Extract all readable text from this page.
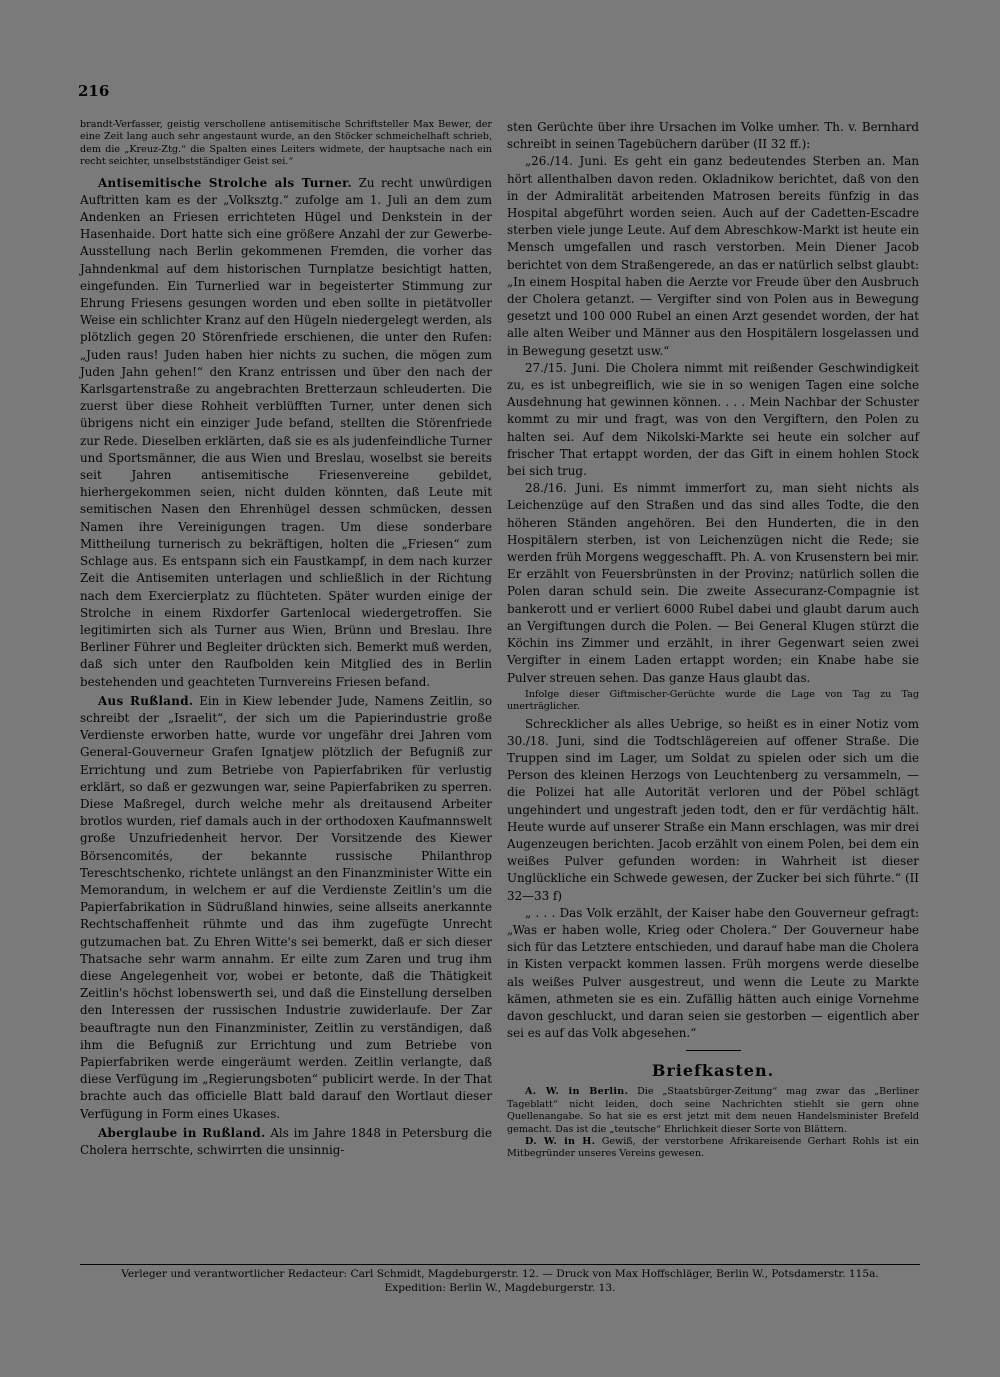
216

brandt-Verfasser, geistig verschollene antisemitische Schriftsteller Max Bewer, der eine Zeit lang auch sehr angestaunt wurde, an den Stöcker schmeichelhaft schrieb, dem die „Kreuz-Ztg.“ die Spalten eines Leiters widmete, der hauptsache nach ein recht seichter, unselbstständiger Geist sei.“

Antisemitische Strolche als Turner. Zu recht unwürdigen Auftritten kam es der „Volksztg.“ zufolge am 1. Juli an dem zum Andenken an Friesen errichteten Hügel und Denkstein in der Hasenhaide. Dort hatte sich eine größere Anzahl der zur Gewerbe-Ausstellung nach Berlin gekommenen Fremden, die vorher das Jahndenkmal auf dem historischen Turnplatze besichtigt hatten, eingefunden. Ein Turnerlied war in begeisterter Stimmung zur Ehrung Friesens gesungen worden und eben sollte in pietätvoller Weise ein schlichter Kranz auf den Hügeln niedergelegt werden, als plötzlich gegen 20 Störenfriede erschienen, die unter den Rufen: „Juden raus! Juden haben hier nichts zu suchen, die mögen zum Juden Jahn gehen!“ den Kranz entrissen und über den nach der Karlsgartenstraße zu angebrachten Bretterzaun schleuderten. Die zuerst über diese Rohheit verblüfften Turner, unter denen sich übrigens nicht ein einziger Jude befand, stellten die Störenfriede zur Rede. Dieselben erklärten, daß sie es als judenfeindliche Turner und Sportsmänner, die aus Wien und Breslau, woselbst sie bereits seit Jahren antisemitische Friesenvereine gebildet, hierhergekommen seien, nicht dulden könnten, daß Leute mit semitischen Nasen den Ehrenhügel dessen schmücken, dessen Namen ihre Vereinigungen tragen. Um diese sonderbare Mittheilung turnerisch zu bekräftigen, holten die „Friesen“ zum Schlage aus. Es entspann sich ein Faustkampf, in dem nach kurzer Zeit die Antisemiten unterlagen und schließlich in der Richtung nach dem Exercierplatz zu flüchteten. Später wurden einige der Strolche in einem Rixdorfer Gartenlocal wiedergetroffen. Sie legitimirten sich als Turner aus Wien, Brünn und Breslau. Ihre Berliner Führer und Begleiter drückten sich. Bemerkt muß werden, daß sich unter den Raufbolden kein Mitglied des in Berlin bestehenden und geachteten Turnvereins Friesen befand.

Aus Rußland. Ein in Kiew lebender Jude, Namens Zeitlin, so schreibt der „Israelit“, der sich um die Papierindustrie große Verdienste erworben hatte, wurde vor ungefähr drei Jahren vom General-Gouverneur Grafen Ignatjew plötzlich der Befugniß zur Errichtung und zum Betriebe von Papierfabriken für verlustig erklärt, so daß er gezwungen war, seine Papierfabriken zu sperren. Diese Maßregel, durch welche mehr als dreitausend Arbeiter brotlos wurden, rief damals auch in der orthodoxen Kaufmannswelt große Unzufriedenheit hervor. Der Vorsitzende des Kiewer Börsencomités, der bekannte russische Philanthrop Tereschtschenko, richtete unlängst an den Finanzminister Witte ein Memorandum, in welchem er auf die Verdienste Zeitlin's um die Papierfabrikation in Südrußland hinwies, seine allseits anerkannte Rechtschaffenheit rühmte und das ihm zugefügte Unrecht gutzumachen bat. Zu Ehren Witte's sei bemerkt, daß er sich dieser Thatsache sehr warm annahm. Er eilte zum Zaren und trug ihm diese Angelegenheit vor, wobei er betonte, daß die Thätigkeit Zeitlin's höchst lobenswerth sei, und daß die Einstellung derselben den Interessen der russischen Industrie zuwiderlaufe. Der Zar beauftragte nun den Finanzminister, Zeitlin zu verständigen, daß ihm die Befugniß zur Errichtung und zum Betriebe von Papierfabriken werde eingeräumt werden. Zeitlin verlangte, daß diese Verfügung im „Regierungsboten“ publicirt werde. In der That brachte auch das officielle Blatt bald darauf den Wortlaut dieser Verfügung in Form eines Ukases.

Aberglaube in Rußland. Als im Jahre 1848 in Petersburg die Cholera herrschte, schwirrten die unsinnig-

sten Gerüchte über ihre Ursachen im Volke umher. Th. v. Bernhard schreibt in seinen Tagebüchern darüber (II 32 ff.):

„26./14. Juni. Es geht ein ganz bedeutendes Sterben an. Man hört allenthalben davon reden. Okladnikow berichtet, daß von den in der Admiralität arbeitenden Matrosen bereits fünfzig in das Hospital abgeführt worden seien. Auch auf der Cadetten-Escadre sterben viele junge Leute. Auf dem Abreschkow-Markt ist heute ein Mensch umgefallen und rasch verstorben. Mein Diener Jacob berichtet von dem Straßengerede, an das er natürlich selbst glaubt: „In einem Hospital haben die Aerzte vor Freude über den Ausbruch der Cholera getanzt. — Vergifter sind von Polen aus in Bewegung gesetzt und 100 000 Rubel an einen Arzt gesendet worden, der hat alle alten Weiber und Männer aus den Hospitälern losgelassen und in Bewegung gesetzt usw.“

27./15. Juni. Die Cholera nimmt mit reißender Geschwindigkeit zu, es ist unbegreiflich, wie sie in so wenigen Tagen eine solche Ausdehnung hat gewinnen können. . . . Mein Nachbar der Schuster kommt zu mir und fragt, was von den Vergiftern, den Polen zu halten sei. Auf dem Nikolski-Markte sei heute ein solcher auf frischer That ertappt worden, der das Gift in einem hohlen Stock bei sich trug.

28./16. Juni. Es nimmt immerfort zu, man sieht nichts als Leichenzüge auf den Straßen und das sind alles Todte, die den höheren Ständen angehören. Bei den Hunderten, die in den Hospitälern sterben, ist von Leichenzügen nicht die Rede; sie werden früh Morgens weggeschafft. Ph. A. von Krusenstern bei mir. Er erzählt von Feuersbrünsten in der Provinz; natürlich sollen die Polen daran schuld sein. Die zweite Assecuranz-Compagnie ist bankerott und er verliert 6000 Rubel dabei und glaubt darum auch an Vergiftungen durch die Polen. — Bei General Klugen stürzt die Köchin ins Zimmer und erzählt, in ihrer Gegenwart seien zwei Vergifter in einem Laden ertappt worden; ein Knabe habe sie Pulver streuen sehen. Das ganze Haus glaubt das.

Infolge dieser Giftmischer-Gerüchte wurde die Lage von Tag zu Tag unerträglicher.

Schrecklicher als alles Uebrige, so heißt es in einer Notiz vom 30./18. Juni, sind die Todtschlägereien auf offener Straße. Die Truppen sind im Lager, um Soldat zu spielen oder sich um die Person des kleinen Herzogs von Leuchtenberg zu versammeln, — die Polizei hat alle Autorität verloren und der Pöbel schlägt ungehindert und ungestraft jeden todt, den er für verdächtig hält. Heute wurde auf unserer Straße ein Mann erschlagen, was mir drei Augenzeugen berichten. Jacob erzählt von einem Polen, bei dem ein weißes Pulver gefunden worden: in Wahrheit ist dieser Unglückliche ein Schwede gewesen, der Zucker bei sich führte.“ (II 32—33 f)

„ . . . Das Volk erzählt, der Kaiser habe den Gouverneur gefragt: „Was er haben wolle, Krieg oder Cholera.“ Der Gouverneur habe sich für das Letztere entschieden, und darauf habe man die Cholera in Kisten verpackt kommen lassen. Früh morgens werde dieselbe als weißes Pulver ausgestreut, und wenn die Leute zu Markte kämen, athmeten sie es ein. Zufällig hätten auch einige Vornehme davon geschluckt, und daran seien sie gestorben — eigentlich aber sei es auf das Volk abgesehen.“

Briefkasten.

A. W. in Berlin. Die „Staatsbürger-Zeitung“ mag zwar das „Berliner Tageblatt“ nicht leiden, doch seine Nachrichten stiehlt sie gern ohne Quellenangabe. So hat sie es erst jetzt mit dem neuen Handelsminister Brefeld gemacht. Das ist die „teutsche“ Ehrlichkeit dieser Sorte von Blättern.

D. W. in H. Gewiß, der verstorbene Afrikareisende Gerhart Rohls ist ein Mitbegründer unseres Vereins gewesen.

Verleger und verantwortlicher Redacteur: Carl Schmidt, Magdeburgerstr. 12. — Druck von Max Hoffschläger, Berlin W., Potsdamerstr. 115a.
Expedition: Berlin W., Magdeburgerstr. 13.
